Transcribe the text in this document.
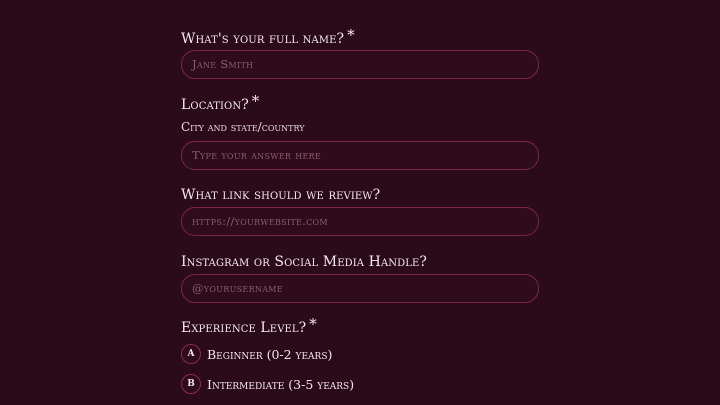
What's your full name? *
Jane Smith
Location? *
City and state/country
Type your answer here
What link should we review?
https://yourwebsite.com
Instagram or Social Media Handle?
@yourusername
Experience Level? *
A	Beginner (0-2 years)
B Intermediate (3-5 years)
